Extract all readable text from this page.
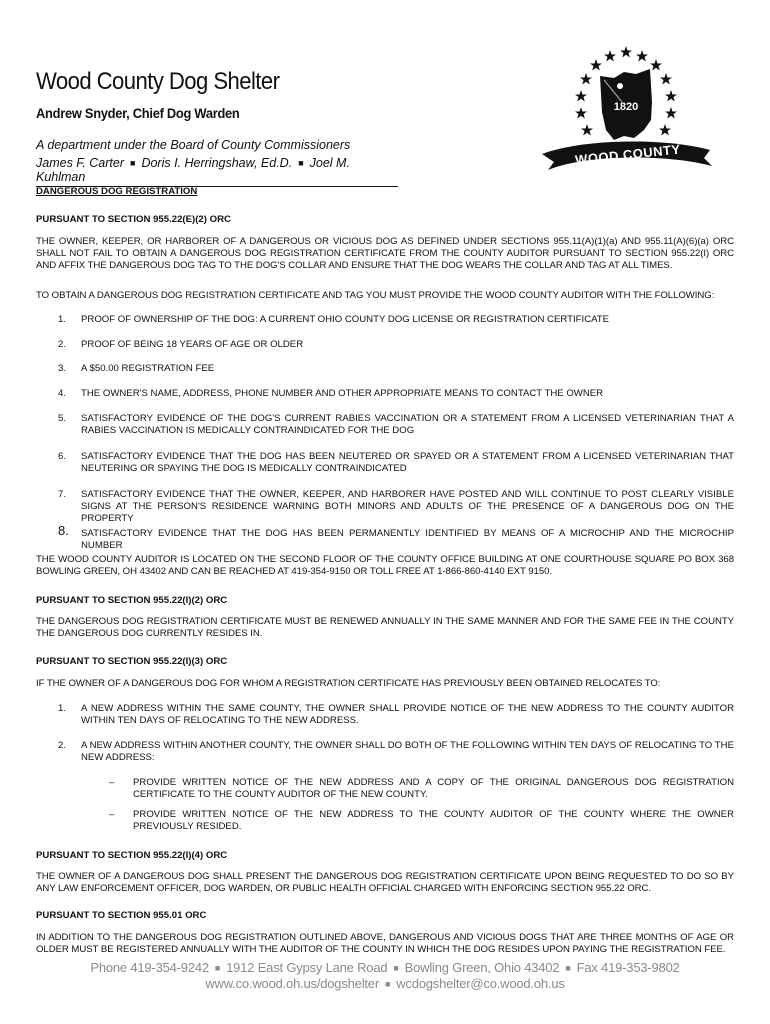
Wood County Dog Shelter
Andrew Snyder, Chief Dog Warden
A department under the Board of County Commissioners
James F. Carter ■ Doris I. Herringshaw, Ed.D. ■ Joel M. Kuhlman
1820
WOOD COUNTY
DANGEROUS DOG REGISTRATION
PURSUANT TO SECTION 955.22(E)(2) ORC
THE OWNER, KEEPER, OR HARBORER OF A DANGEROUS OR VICIOUS DOG AS DEFINED UNDER SECTIONS 955.11(A)(1)(a) AND 955.11(A)(6)(a) ORC SHALL NOT FAIL TO OBTAIN A DANGEROUS DOG REGISTRATION CERTIFICATE FROM THE COUNTY AUDITOR PURSUANT TO SECTION 955.22(I) ORC AND AFFIX THE DANGEROUS DOG TAG TO THE DOG'S COLLAR AND ENSURE THAT THE DOG WEARS THE COLLAR AND TAG AT ALL TIMES.
TO OBTAIN A DANGEROUS DOG REGISTRATION CERTIFICATE AND TAG YOU MUST PROVIDE THE WOOD COUNTY AUDITOR WITH THE FOLLOWING:
1. PROOF OF OWNERSHIP OF THE DOG: A CURRENT OHIO COUNTY DOG LICENSE OR REGISTRATION CERTIFICATE
2. PROOF OF BEING 18 YEARS OF AGE OR OLDER
3. A $50.00 REGISTRATION FEE
4. THE OWNER'S NAME, ADDRESS, PHONE NUMBER AND OTHER APPROPRIATE MEANS TO CONTACT THE OWNER
5. SATISFACTORY EVIDENCE OF THE DOG'S CURRENT RABIES VACCINATION OR A STATEMENT FROM A LICENSED VETERINARIAN THAT A RABIES VACCINATION IS MEDICALLY CONTRAINDICATED FOR THE DOG
6. SATISFACTORY EVIDENCE THAT THE DOG HAS BEEN NEUTERED OR SPAYED OR A STATEMENT FROM A LICENSED VETERINARIAN THAT NEUTERING OR SPAYING THE DOG IS MEDICALLY CONTRAINDICATED
7. SATISFACTORY EVIDENCE THAT THE OWNER, KEEPER, AND HARBORER HAVE POSTED AND WILL CONTINUE TO POST CLEARLY VISIBLE SIGNS AT THE PERSON'S RESIDENCE WARNING BOTH MINORS AND ADULTS OF THE PRESENCE OF A DANGEROUS DOG ON THE PROPERTY
8. SATISFACTORY EVIDENCE THAT THE DOG HAS BEEN PERMANENTLY IDENTIFIED BY MEANS OF A MICROCHIP AND THE MICROCHIP NUMBER
THE WOOD COUNTY AUDITOR IS LOCATED ON THE SECOND FLOOR OF THE COUNTY OFFICE BUILDING AT ONE COURTHOUSE SQUARE PO BOX 368 BOWLING GREEN, OH 43402 AND CAN BE REACHED AT 419-354-9150 OR TOLL FREE AT 1-866-860-4140 EXT 9150.
PURSUANT TO SECTION 955.22(I)(2) ORC
THE DANGEROUS DOG REGISTRATION CERTIFICATE MUST BE RENEWED ANNUALLY IN THE SAME MANNER AND FOR THE SAME FEE IN THE COUNTY THE DANGEROUS DOG CURRENTLY RESIDES IN.
PURSUANT TO SECTION 955.22(I)(3) ORC
IF THE OWNER OF A DANGEROUS DOG FOR WHOM A REGISTRATION CERTIFICATE HAS PREVIOUSLY BEEN OBTAINED RELOCATES TO:
1. A NEW ADDRESS WITHIN THE SAME COUNTY, THE OWNER SHALL PROVIDE NOTICE OF THE NEW ADDRESS TO THE COUNTY AUDITOR WITHIN TEN DAYS OF RELOCATING TO THE NEW ADDRESS.
2. A NEW ADDRESS WITHIN ANOTHER COUNTY, THE OWNER SHALL DO BOTH OF THE FOLLOWING WITHIN TEN DAYS OF RELOCATING TO THE NEW ADDRESS:
– PROVIDE WRITTEN NOTICE OF THE NEW ADDRESS AND A COPY OF THE ORIGINAL DANGEROUS DOG REGISTRATION CERTIFICATE TO THE COUNTY AUDITOR OF THE NEW COUNTY.
– PROVIDE WRITTEN NOTICE OF THE NEW ADDRESS TO THE COUNTY AUDITOR OF THE COUNTY WHERE THE OWNER PREVIOUSLY RESIDED.
PURSUANT TO SECTION 955.22(I)(4) ORC
THE OWNER OF A DANGEROUS DOG SHALL PRESENT THE DANGEROUS DOG REGISTRATION CERTIFICATE UPON BEING REQUESTED TO DO SO BY ANY LAW ENFORCEMENT OFFICER, DOG WARDEN, OR PUBLIC HEALTH OFFICIAL CHARGED WITH ENFORCING SECTION 955.22 ORC.
PURSUANT TO SECTION 955.01 ORC
IN ADDITION TO THE DANGEROUS DOG REGISTRATION OUTLINED ABOVE, DANGEROUS AND VICIOUS DOGS THAT ARE THREE MONTHS OF AGE OR OLDER MUST BE REGISTERED ANNUALLY WITH THE AUDITOR OF THE COUNTY IN WHICH THE DOG RESIDES UPON PAYING THE REGISTRATION FEE.
Phone 419-354-9242 ■ 1912 East Gypsy Lane Road ■ Bowling Green, Ohio 43402 ■ Fax 419-353-9802
www.co.wood.oh.us/dogshelter ■ wcdogshelter@co.wood.oh.us
